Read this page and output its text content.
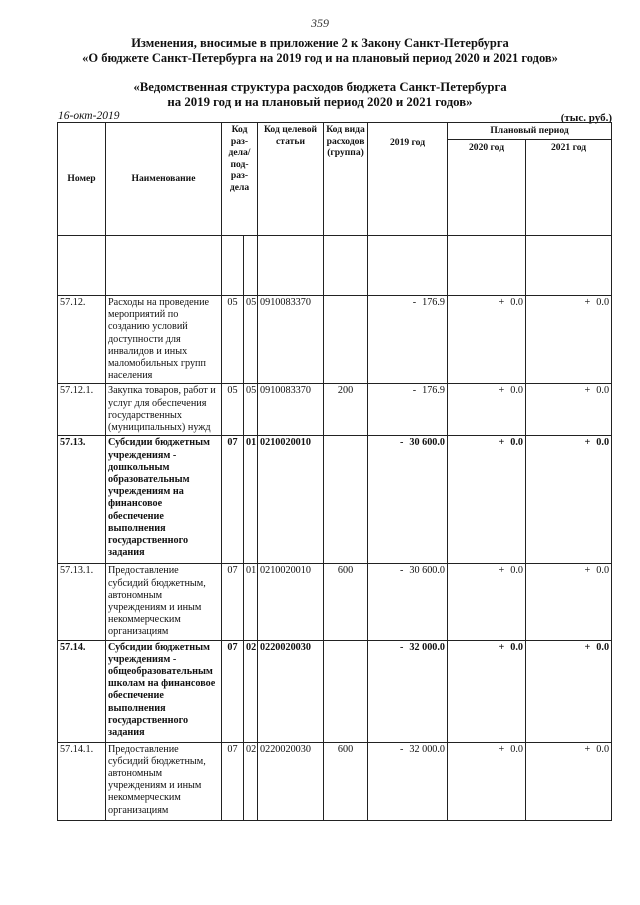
359
Изменения, вносимые в приложение 2 к Закону Санкт-Петербурга
«О бюджете Санкт-Петербурга на 2019 год и на плановый период 2020 и 2021 годов»
«Ведомственная структура расходов бюджета Санкт-Петербурга
на 2019 год и на плановый период 2020 и 2021 годов»
16-окт-2019	(тыс. руб.)
Номер	Наименование	Код раз-дела/ под-раз-дела		Код целевой статьи	Код вида расходов (группа)	2019 год	Плановый период	
							2020 год	2021 год

57.12.	Расходы на проведение мероприятий по созданию условий доступности для инвалидов и иных маломобильных групп населения	05	05	0910083370		- 176.9	+ 0.0	+ 0.0
57.12.1.	Закупка товаров, работ и услуг для обеспечения государственных (муниципальных) нужд	05	05	0910083370	200	- 176.9	+ 0.0	+ 0.0
57.13.	Субсидии бюджетным учреждениям - дошкольным образовательным учреждениям на финансовое обеспечение выполнения государственного задания	07	01	0210020010		- 30 600.0	+ 0.0	+ 0.0
57.13.1.	Предоставление субсидий бюджетным, автономным учреждениям и иным некоммерческим организациям	07	01	0210020010	600	- 30 600.0	+ 0.0	+ 0.0
57.14.	Субсидии бюджетным учреждениям - общеобразовательным школам на финансовое обеспечение выполнения государственного задания	07	02	0220020030		- 32 000.0	+ 0.0	+ 0.0
57.14.1.	Предоставление субсидий бюджетным, автономным учреждениям и иным некоммерческим организациям	07	02	0220020030	600	- 32 000.0	+ 0.0	+ 0.0
